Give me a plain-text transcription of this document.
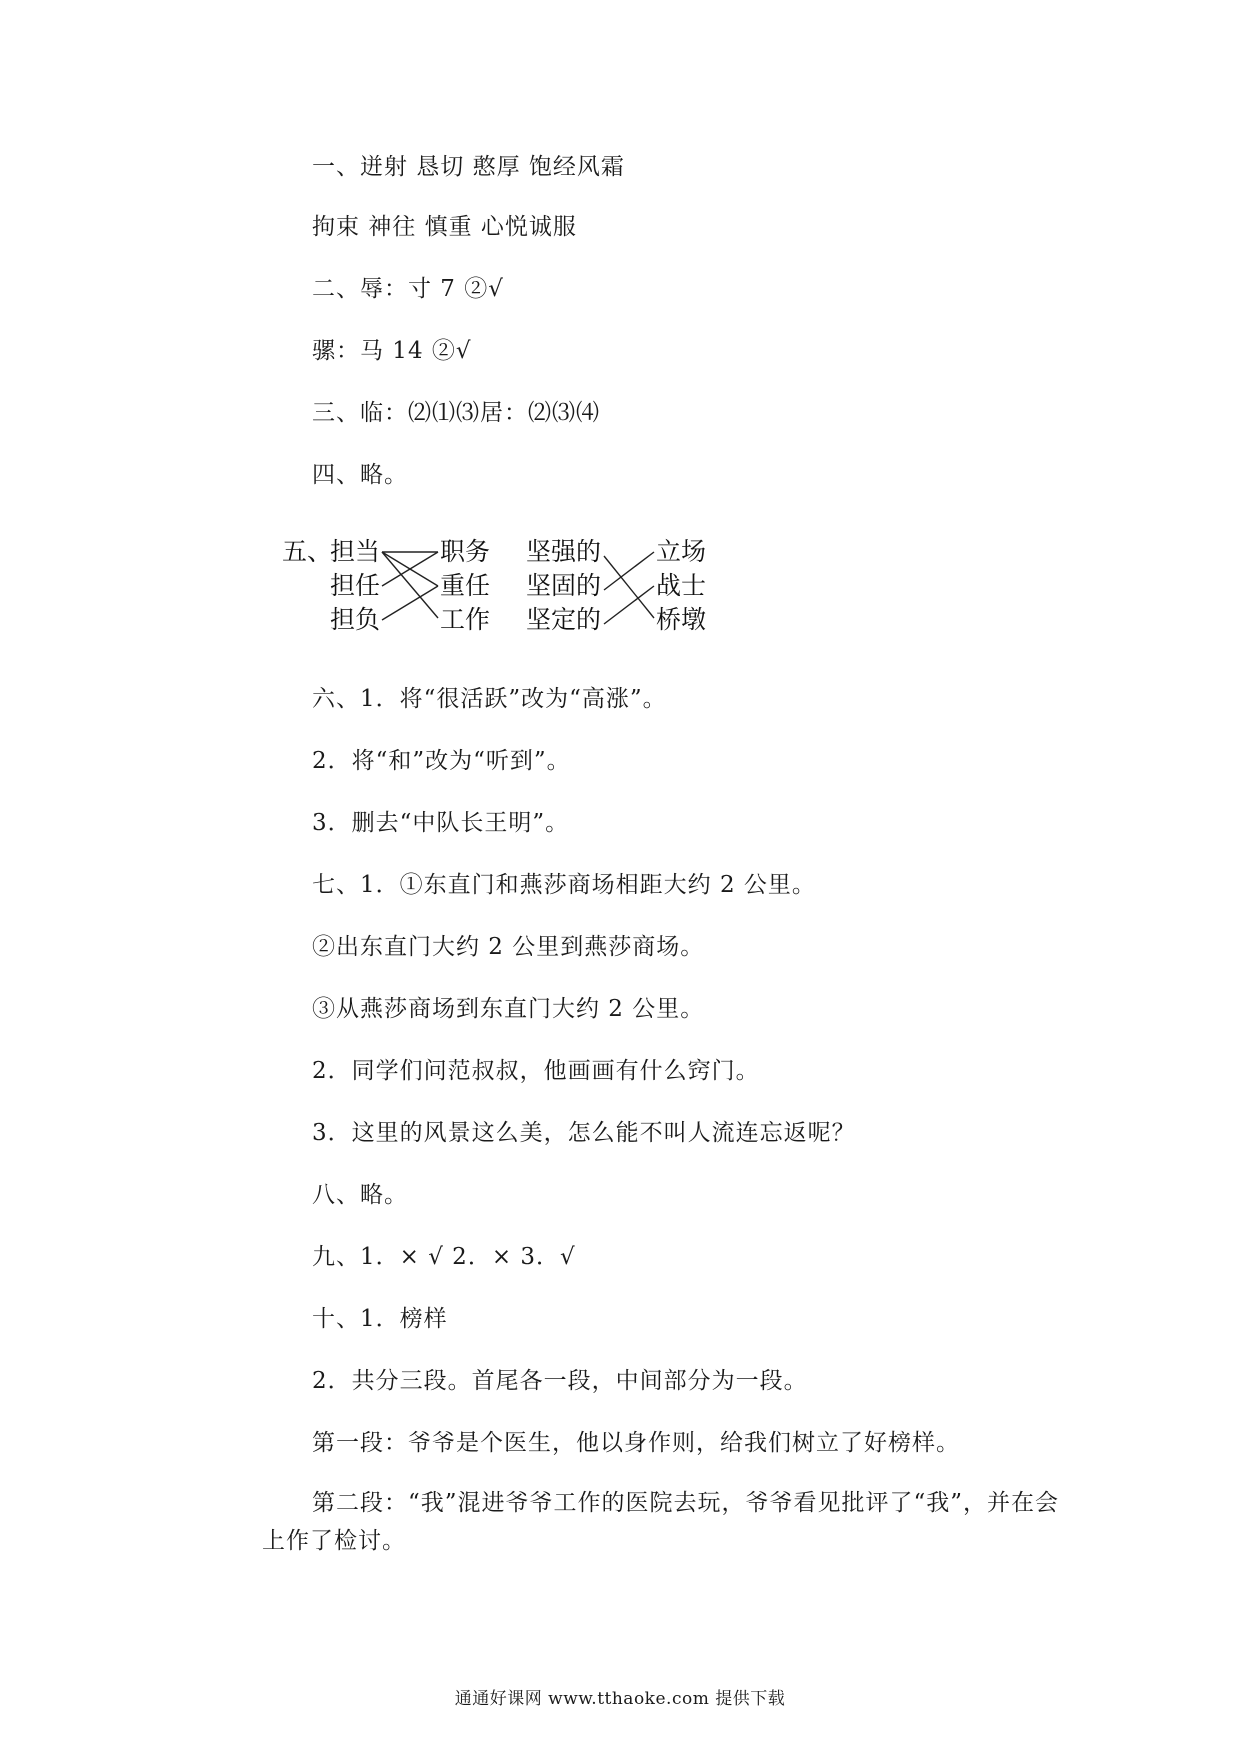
一、迸射 恳切 憨厚 饱经风霜
拘束 神往 慎重 心悦诚服
二、辱：寸 7 ②√
骡：马 14 ②√
三、临：⑵⑴⑶居：⑵⑶⑷
四、略。
五、
担当
担任
担负
职务
重任
工作
坚强的
坚固的
坚定的
立场
战士
桥墩
六、1．将“很活跃”改为“高涨”。
2．将“和”改为“听到”。
3．删去“中队长王明”。
七、1．①东直门和燕莎商场相距大约 2 公里。
②出东直门大约 2 公里到燕莎商场。
③从燕莎商场到东直门大约 2 公里。
2．同学们问范叔叔，他画画有什么窍门。
3．这里的风景这么美，怎么能不叫人流连忘返呢？
八、略。
九、1．× √ 2．× 3．√
十、1．榜样
2．共分三段。首尾各一段，中间部分为一段。
第一段：爷爷是个医生，他以身作则，给我们树立了好榜样。
第二段：“我”混进爷爷工作的医院去玩，爷爷看见批评了“我”，并在会上作了检讨。
通通好课网 www.tthaoke.com 提供下载
